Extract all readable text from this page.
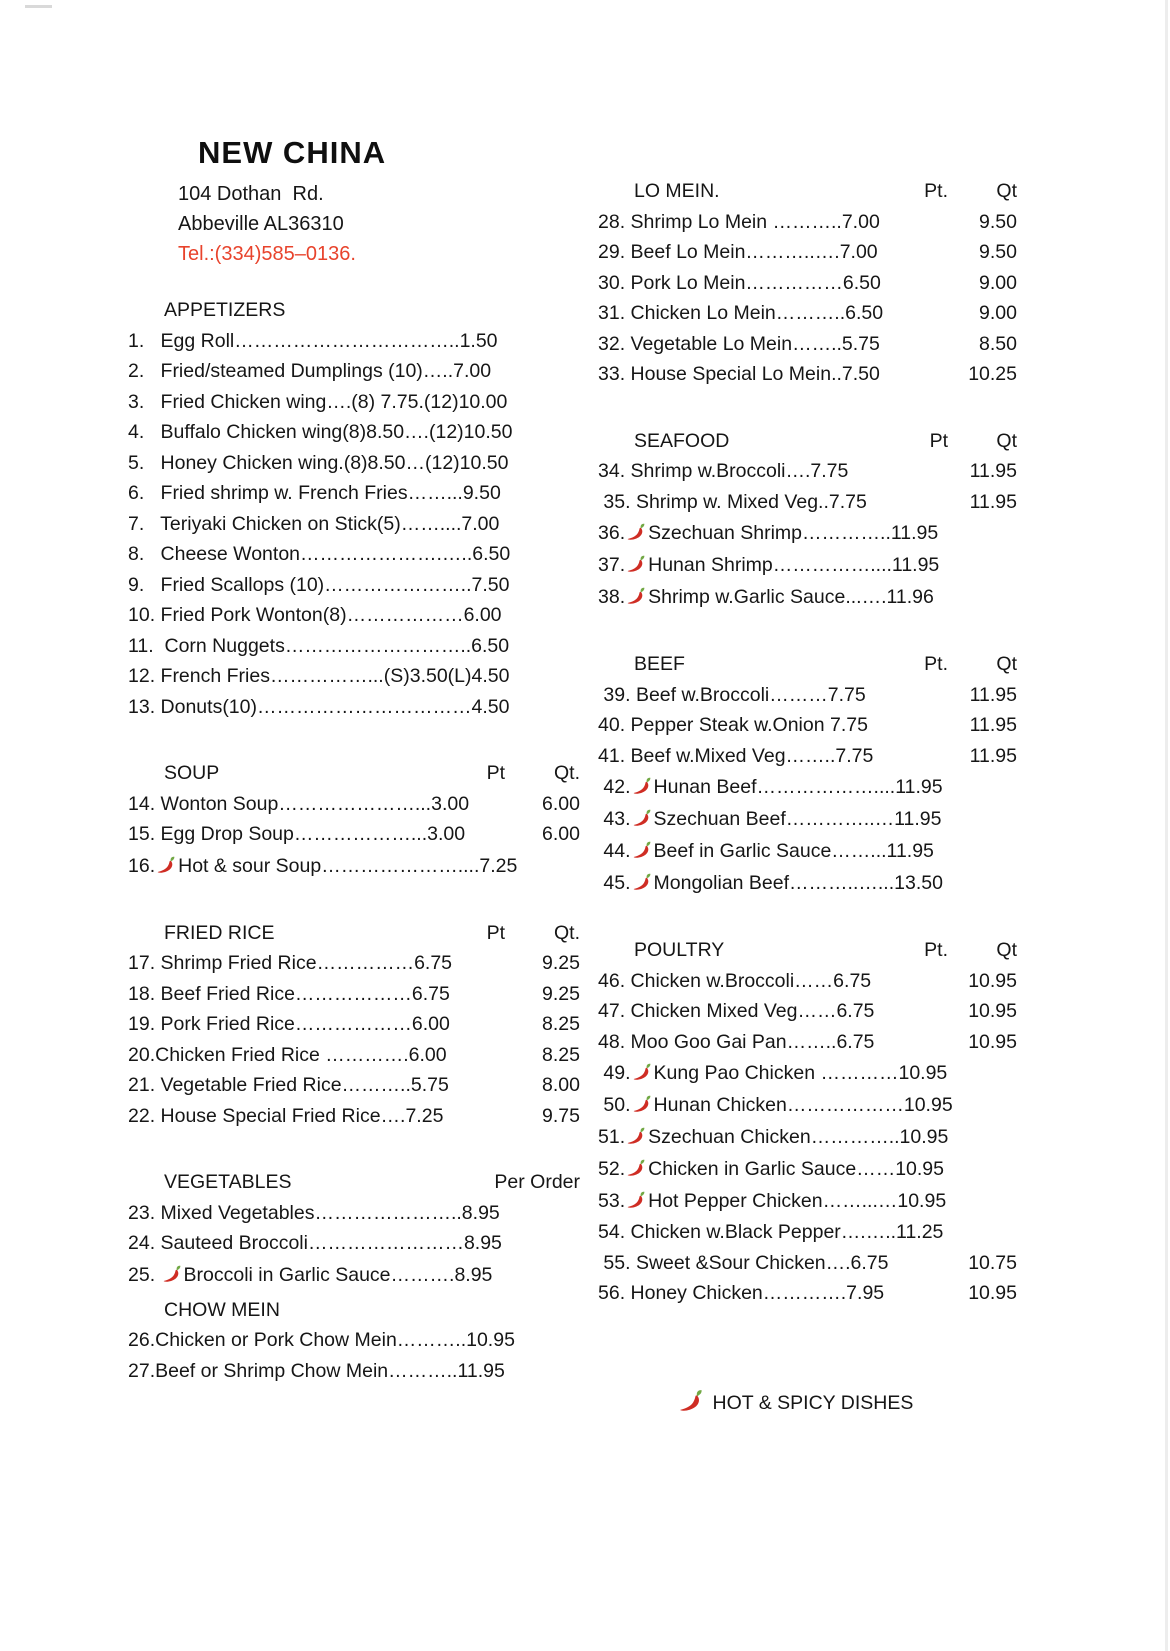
NEW CHINA
104 Dothan  Rd.
Abbeville AL36310
Tel.:(334)585–0136.
APPETIZERS
1.   Egg Roll……………………………..1.50
2.   Fried/steamed Dumplings (10)…..7.00
3.   Fried Chicken wing….(8) 7.75.(12)10.00
4.   Buffalo Chicken wing(8)8.50….(12)10.50
5.   Honey Chicken wing.(8)8.50…(12)10.50
6.   Fried shrimp w. French Fries……...9.50
7.   Teriyaki Chicken on Stick(5)……....7.00
8.   Cheese Wonton………………….…..6.50
9.   Fried Scallops (10)…………………..7.50
10. Fried Pork Wonton(8)………………6.00
11.  Corn Nuggets………………………..6.50
12. French Fries……………...(S)3.50(L)4.50
13. Donuts(10)……………………………4.50
SOUP	Pt	Qt.
14. Wonton Soup…………………...3.00	6.00
15. Egg Drop Soup………………...3.00	6.00
16. Hot & sour Soup…………………....7.25
FRIED RICE	Pt	Qt.
17. Shrimp Fried Rice……………6.75	9.25
18. Beef Fried Rice………………6.75	9.25
19. Pork Fried Rice………………6.00	8.25
20.Chicken Fried Rice ………….6.00	8.25
21. Vegetable Fried Rice………..5.75	8.00
22. House Special Fried Rice….7.25	9.75
VEGETABLES	Per Order
23. Mixed Vegetables…………………..8.95
24. Sauteed Broccoli……………………8.95
25. Broccoli in Garlic Sauce……….8.95
CHOW MEIN
26.Chicken or Pork Chow Mein………..10.95
27.Beef or Shrimp Chow Mein………..11.95
LO MEIN.	Pt. Qt
28. Shrimp Lo Mein ………..7.00	9.50
29. Beef Lo Mein………..….7.00	9.50
30. Pork Lo Mein……………6.50	9.00
31. Chicken Lo Mein………..6.50	9.00
32. Vegetable Lo Mein……..5.75	8.50
33. House Special Lo Mein..7.50	10.25
SEAFOOD	Pt Qt
34. Shrimp w.Broccoli….7.75	11.95
35. Shrimp w. Mixed Veg..7.75	11.95
36. Szechuan Shrimp…………..11.95
37. Hunan Shrimp……………....11.95
38. Shrimp w.Garlic Sauce...….11.96
BEEF	Pt. Qt
39. Beef w.Broccoli………7.75	11.95
40. Pepper Steak w.Onion 7.75	11.95
41. Beef w.Mixed Veg……..7.75	11.95
42. Hunan Beef………………....11.95
43. Szechuan Beef…………..…11.95
44. Beef in Garlic Sauce……...11.95
45. Mongolian Beef………..…...13.50
POULTRY	Pt. Qt
46. Chicken w.Broccoli……6.75	10.95
47. Chicken Mixed Veg……6.75	10.95
48. Moo Goo Gai Pan……..6.75	10.95
49. Kung Pao Chicken …………10.95
50. Hunan Chicken………………10.95
51. Szechuan Chicken…………..10.95
52. Chicken in Garlic Sauce……10.95
53. Hot Pepper Chicken……...…10.95
54. Chicken w.Black Pepper….…..11.25
55. Sweet &Sour Chicken….6.75	10.75
56. Honey Chicken………….7.95	10.95

HOT & SPICY DISHES
